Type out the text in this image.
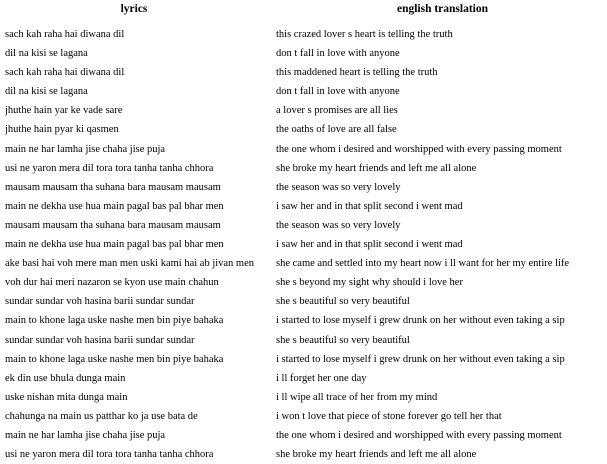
lyrics	english translation
sach kah raha hai diwana dil	this crazed lover s heart is telling the truth
dil na kisi se lagana	don t fall in love with anyone
sach kah raha hai diwana dil	this maddened heart is telling the truth
dil na kisi se lagana	don t fall in love with anyone
jhuthe hain yar ke vade sare	a lover s promises are all lies
jhuthe hain pyar ki qasmen	the oaths of love are all false
main ne har lamha jise chaha jise puja	the one whom i desired and worshipped with every passing moment
usi ne yaron mera dil tora tora tanha tanha chhora	she broke my heart friends and left me all alone
mausam mausam tha suhana bara mausam mausam	the season was so very lovely
main ne dekha use hua main pagal bas pal bhar men	i saw her and in that split second i went mad
mausam mausam tha suhana bara mausam mausam	the season was so very lovely
main ne dekha use hua main pagal bas pal bhar men	i saw her and in that split second i went mad
ake basi hai voh mere man men uski kami hai ab jivan men	she came and settled into my heart now i ll want for her my entire life
voh dur hai meri nazaron se kyon use main chahun	she s beyond my sight why should i love her
sundar sundar voh hasina barii sundar sundar	she s beautiful so very beautiful
main to khone laga uske nashe men bin piye bahaka	i started to lose myself i grew drunk on her without even taking a sip
sundar sundar voh hasina barii sundar sundar	she s beautiful so very beautiful
main to khone laga uske nashe men bin piye bahaka	i started to lose myself i grew drunk on her without even taking a sip
ek din use bhula dunga main	i ll forget her one day
uske nishan mita dunga main	i ll wipe all trace of her from my mind
chahunga na main us patthar ko ja use bata de	i won t love that piece of stone forever go tell her that
main ne har lamha jise chaha jise puja	the one whom i desired and worshipped with every passing moment
usi ne yaron mera dil tora tora tanha tanha chhora	she broke my heart friends and left me all alone
